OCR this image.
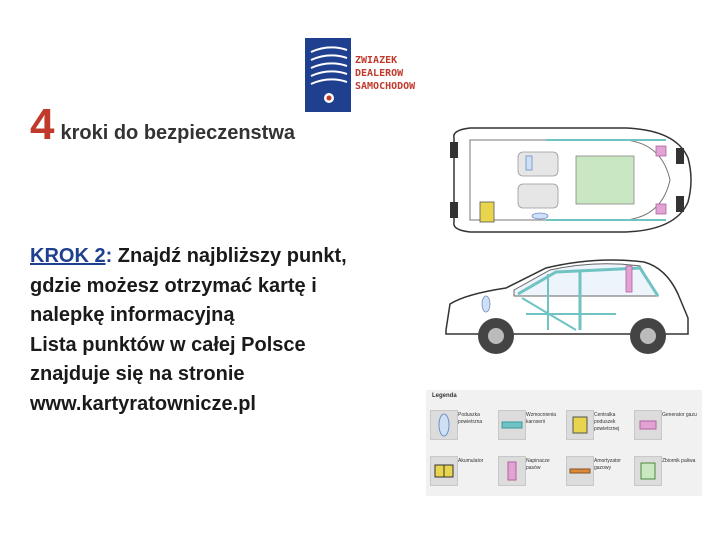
ZWIAZEK
DEALEROW
SAMOCHODOW
4 kroki do bezpieczenstwa
KROK 2: Znajdź najbliższy punkt,
gdzie możesz otrzymać kartę i
nalepkę informacyjną
Lista punktów w całej Polsce
znajduje się na stronie
www.kartyratownicze.pl	Legenda
Poduszka powietrzna
Wzmocnienia karoserii
Centralka poduszek powietrznej
Generator gazu
Akumulator	Napinacze pasów
Amortyzator gazowy
Zbiornik paliwa
